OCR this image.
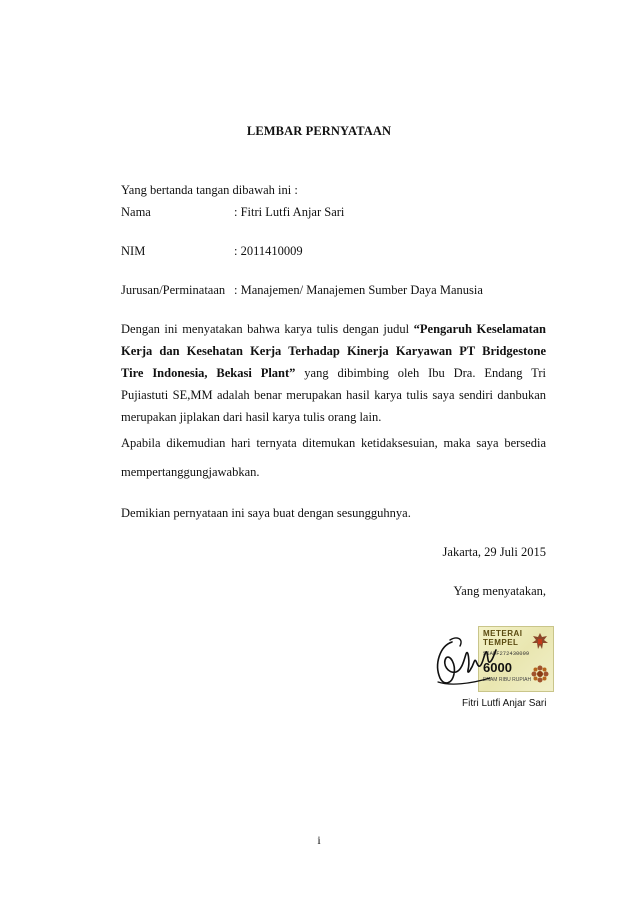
LEMBAR PERNYATAAN
Yang bertanda tangan dibawah ini :
Nama	: Fitri Lutfi Anjar Sari
NIM	: 2011410009
Jurusan/Perminataan : Manajemen/ Manajemen Sumber Daya Manusia
Dengan ini menyatakan bahwa karya tulis dengan judul “Pengaruh Keselamatan
Kerja dan Kesehatan Kerja Terhadap Kinerja Karyawan PT Bridgestone
Tire Indonesia, Bekasi Plant” yang dibimbing oleh Ibu Dra. Endang Tri
Pujiastuti SE,MM adalah benar merupakan hasil karya tulis saya sendiri danbukan
merupakan jiplakan dari hasil karya tulis orang lain.
Apabila dikemudian hari ternyata ditemukan ketidaksesuian, maka saya bersedia
mempertanggungjawabkan.
Demikian pernyataan ini saya buat dengan sesungguhnya.
Jakarta, 29 Juli 2015
Yang menyatakan,
METERAI
TEMPEL
55ADF272430099
6000
ENAM RIBU RUPIAH
Fitri Lutfi Anjar Sari
i
